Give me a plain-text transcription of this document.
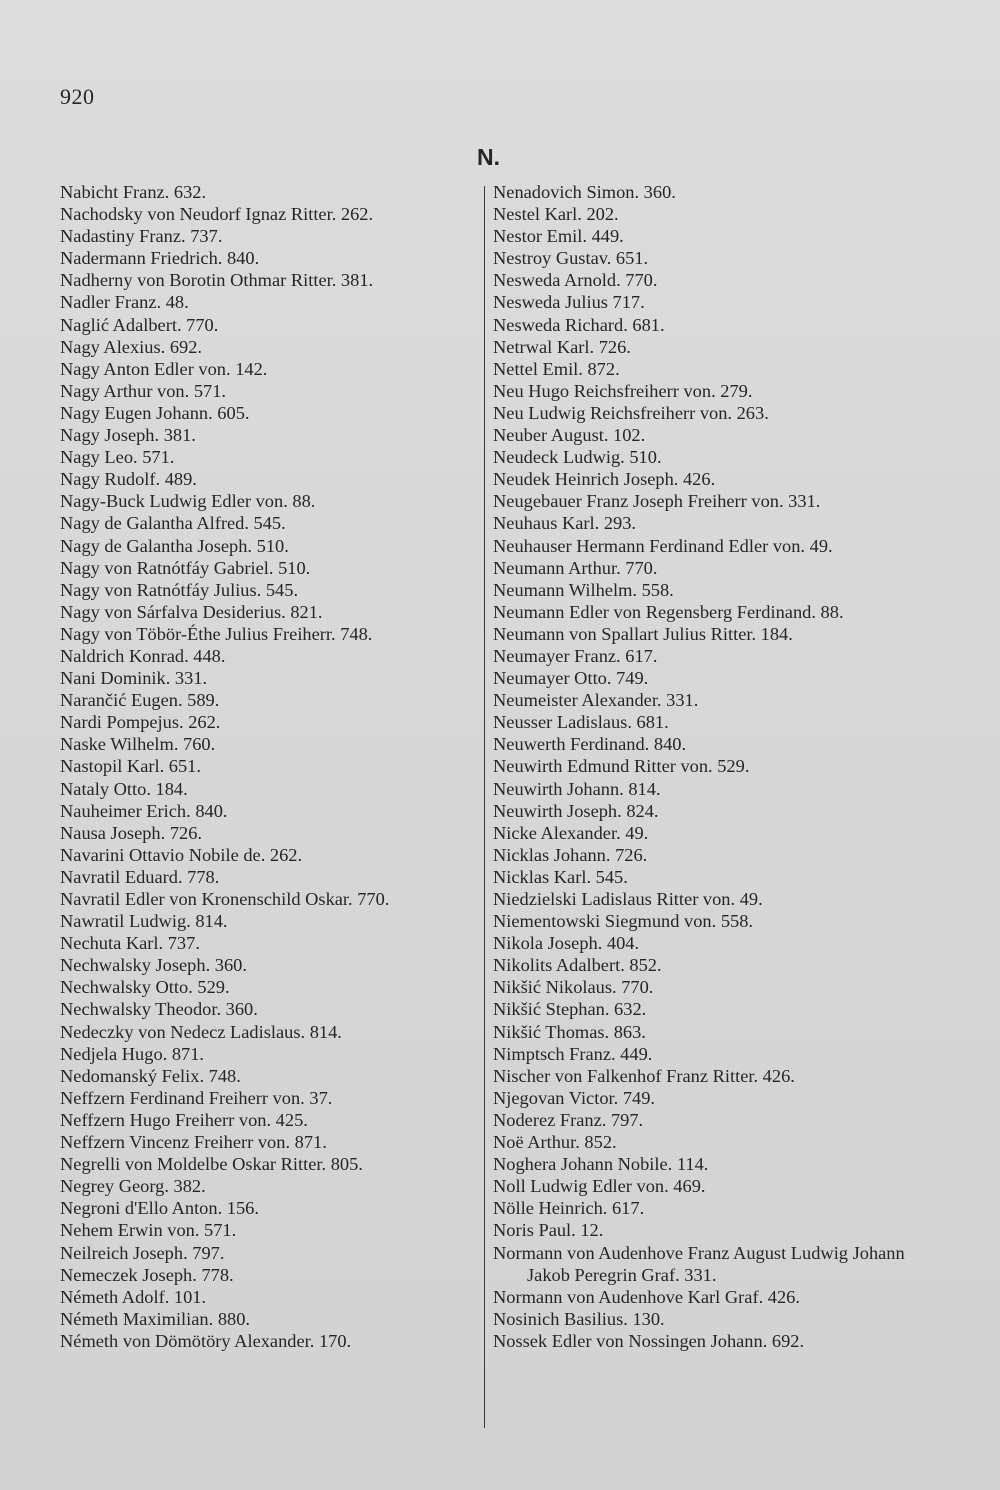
920
N.
Nabicht Franz. 632.
Nachodsky von Neudorf Ignaz Ritter. 262.
Nadastiny Franz. 737.
Nadermann Friedrich. 840.
Nadherny von Borotin Othmar Ritter. 381.
Nadler Franz. 48.
Naglić Adalbert. 770.
Nagy Alexius. 692.
Nagy Anton Edler von. 142.
Nagy Arthur von. 571.
Nagy Eugen Johann. 605.
Nagy Joseph. 381.
Nagy Leo. 571.
Nagy Rudolf. 489.
Nagy-Buck Ludwig Edler von. 88.
Nagy de Galantha Alfred. 545.
Nagy de Galantha Joseph. 510.
Nagy von Ratnótfáy Gabriel. 510.
Nagy von Ratnótfáy Julius. 545.
Nagy von Sárfalva Desiderius. 821.
Nagy von Töbör-Éthe Julius Freiherr. 748.
Naldrich Konrad. 448.
Nani Dominik. 331.
Narančić Eugen. 589.
Nardi Pompejus. 262.
Naske Wilhelm. 760.
Nastopil Karl. 651.
Nataly Otto. 184.
Nauheimer Erich. 840.
Nausa Joseph. 726.
Navarini Ottavio Nobile de. 262.
Navratil Eduard. 778.
Navratil Edler von Kronenschild Oskar. 770.
Nawratil Ludwig. 814.
Nechuta Karl. 737.
Nechwalsky Joseph. 360.
Nechwalsky Otto. 529.
Nechwalsky Theodor. 360.
Nedeczky von Nedecz Ladislaus. 814.
Nedjela Hugo. 871.
Nedomanský Felix. 748.
Neffzern Ferdinand Freiherr von. 37.
Neffzern Hugo Freiherr von. 425.
Neffzern Vincenz Freiherr von. 871.
Negrelli von Moldelbe Oskar Ritter. 805.
Negrey Georg. 382.
Negroni d'Ello Anton. 156.
Nehem Erwin von. 571.
Neilreich Joseph. 797.
Nemeczek Joseph. 778.
Németh Adolf. 101.
Németh Maximilian. 880.
Németh von Dömötöry Alexander. 170.
Nenadovich Simon. 360.
Nestel Karl. 202.
Nestor Emil. 449.
Nestroy Gustav. 651.
Nesweda Arnold. 770.
Nesweda Julius 717.
Nesweda Richard. 681.
Netrwal Karl. 726.
Nettel Emil. 872.
Neu Hugo Reichsfreiherr von. 279.
Neu Ludwig Reichsfreiherr von. 263.
Neuber August. 102.
Neudeck Ludwig. 510.
Neudek Heinrich Joseph. 426.
Neugebauer Franz Joseph Freiherr von. 331.
Neuhaus Karl. 293.
Neuhauser Hermann Ferdinand Edler von. 49.
Neumann Arthur. 770.
Neumann Wilhelm. 558.
Neumann Edler von Regensberg Ferdinand. 88.
Neumann von Spallart Julius Ritter. 184.
Neumayer Franz. 617.
Neumayer Otto. 749.
Neumeister Alexander. 331.
Neusser Ladislaus. 681.
Neuwerth Ferdinand. 840.
Neuwirth Edmund Ritter von. 529.
Neuwirth Johann. 814.
Neuwirth Joseph. 824.
Nicke Alexander. 49.
Nicklas Johann. 726.
Nicklas Karl. 545.
Niedzielski Ladislaus Ritter von. 49.
Niementowski Siegmund von. 558.
Nikola Joseph. 404.
Nikolits Adalbert. 852.
Nikšić Nikolaus. 770.
Nikšić Stephan. 632.
Nikšić Thomas. 863.
Nimptsch Franz. 449.
Nischer von Falkenhof Franz Ritter. 426.
Njegovan Victor. 749.
Noderez Franz. 797.
Noë Arthur. 852.
Noghera Johann Nobile. 114.
Noll Ludwig Edler von. 469.
Nölle Heinrich. 617.
Noris Paul. 12.
Normann von Audenhove Franz August Ludwig Johann Jakob Peregrin Graf. 331.
Normann von Audenhove Karl Graf. 426.
Nosinich Basilius. 130.
Nossek Edler von Nossingen Johann. 692.
